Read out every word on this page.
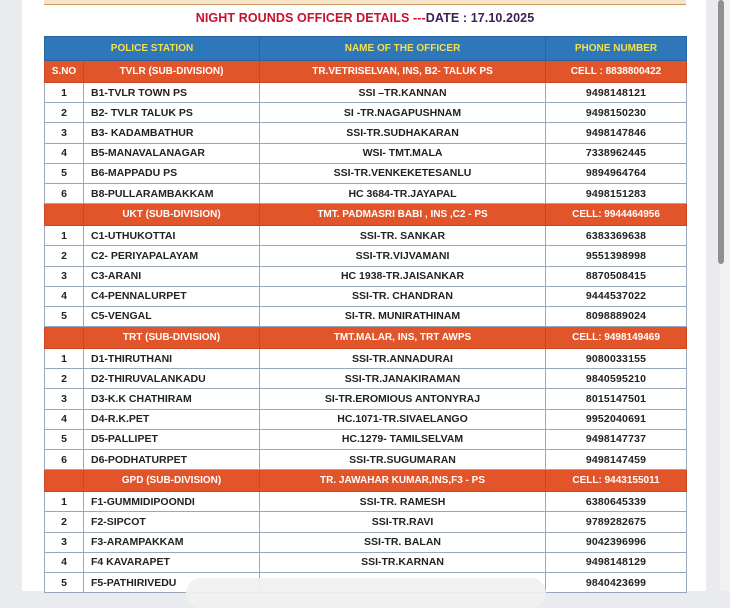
NIGHT ROUNDS OFFICER DETAILS ---DATE : 17.10.2025
POLICE STATION		NAME OF THE OFFICER	PHONE NUMBER
S.NO	TVLR (SUB-DIVISION)	TR.VETRISELVAN, INS, B2- TALUK PS	CELL : 8838800422
1	B1-TVLR TOWN PS	SSI –TR.KANNAN	9498148121
2	B2- TVLR TALUK PS	SI -TR.NAGAPUSHNAM	9498150230
3	B3- KADAMBATHUR	SSI-TR.SUDHAKARAN	9498147846
4	B5-MANAVALANAGAR	WSI- TMT.MALA	7338962445
5	B6-MAPPADU PS	SSI-TR.VENKEKETESANLU	9894964764
6	B8-PULLARAMBAKKAM	HC 3684-TR.JAYAPAL	9498151283
	UKT (SUB-DIVISION)	TMT. PADMASRI BABI , INS ,C2 - PS	CELL: 9944464956
1	C1-UTHUKOTTAI	SSI-TR. SANKAR	6383369638
2	C2- PERIYAPALAYAM	SSI-TR.VIJVAMANI	9551398998
3	C3-ARANI	HC 1938-TR.JAISANKAR	8870508415
4	C4-PENNALURPET	SSI-TR. CHANDRAN	9444537022
5	C5-VENGAL	SI-TR. MUNIRATHINAM	8098889024
	TRT (SUB-DIVISION)	TMT.MALAR, INS, TRT AWPS	CELL: 9498149469
1	D1-THIRUTHANI	SSI-TR.ANNADURAI	9080033155
2	D2-THIRUVALANKADU	SSI-TR.JANAKIRAMAN	9840595210
3	D3-K.K CHATHIRAM	SI-TR.EROMIOUS ANTONYRAJ	8015147501
4	D4-R.K.PET	HC.1071-TR.SIVAELANGO	9952040691
5	D5-PALLIPET	HC.1279- TAMILSELVAM	9498147737
6	D6-PODHATURPET	SSI-TR.SUGUMARAN	9498147459
	GPD (SUB-DIVISION)	TR. JAWAHAR KUMAR,INS,F3 - PS	CELL: 9443155011
1	F1-GUMMIDIPOONDI	SSI-TR. RAMESH	6380645339
2	F2-SIPCOT	SSI-TR.RAVI	9789282675
3	F3-ARAMPAKKAM	SSI-TR. BALAN	9042396996
4	F4 KAVARAPET	SSI-TR.KARNAN	9498148129
5	F5-PATHIRIVEDU		9840423699
